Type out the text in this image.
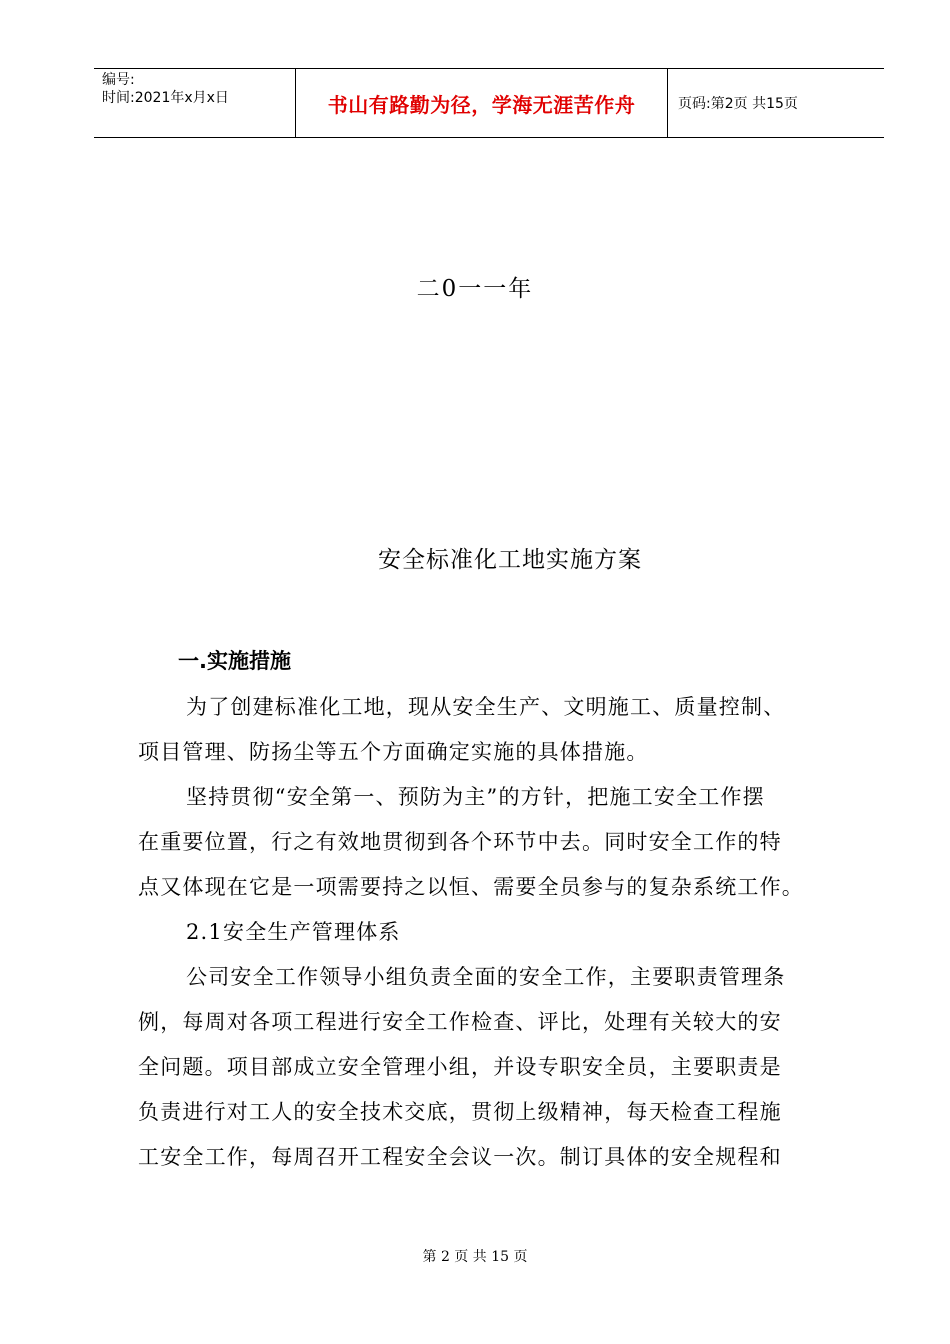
编号:
时间:2021年x月x日	书山有路勤为径，学海无涯苦作舟	页码:第2页 共15页
二0一一年
安全标准化工地实施方案
一.实施措施
为了创建标准化工地，现从安全生产、文明施工、质量控制、
项目管理、防扬尘等五个方面确定实施的具体措施。
坚持贯彻“安全第一、预防为主”的方针，把施工安全工作摆
在重要位置，行之有效地贯彻到各个环节中去。同时安全工作的特
点又体现在它是一项需要持之以恒、需要全员参与的复杂系统工作。
2.1安全生产管理体系
公司安全工作领导小组负责全面的安全工作，主要职责管理条
例，每周对各项工程进行安全工作检查、评比，处理有关较大的安
全问题。项目部成立安全管理小组，并设专职安全员，主要职责是
负责进行对工人的安全技术交底，贯彻上级精神，每天检查工程施
工安全工作，每周召开工程安全会议一次。制订具体的安全规程和
第 2 页 共 15 页
